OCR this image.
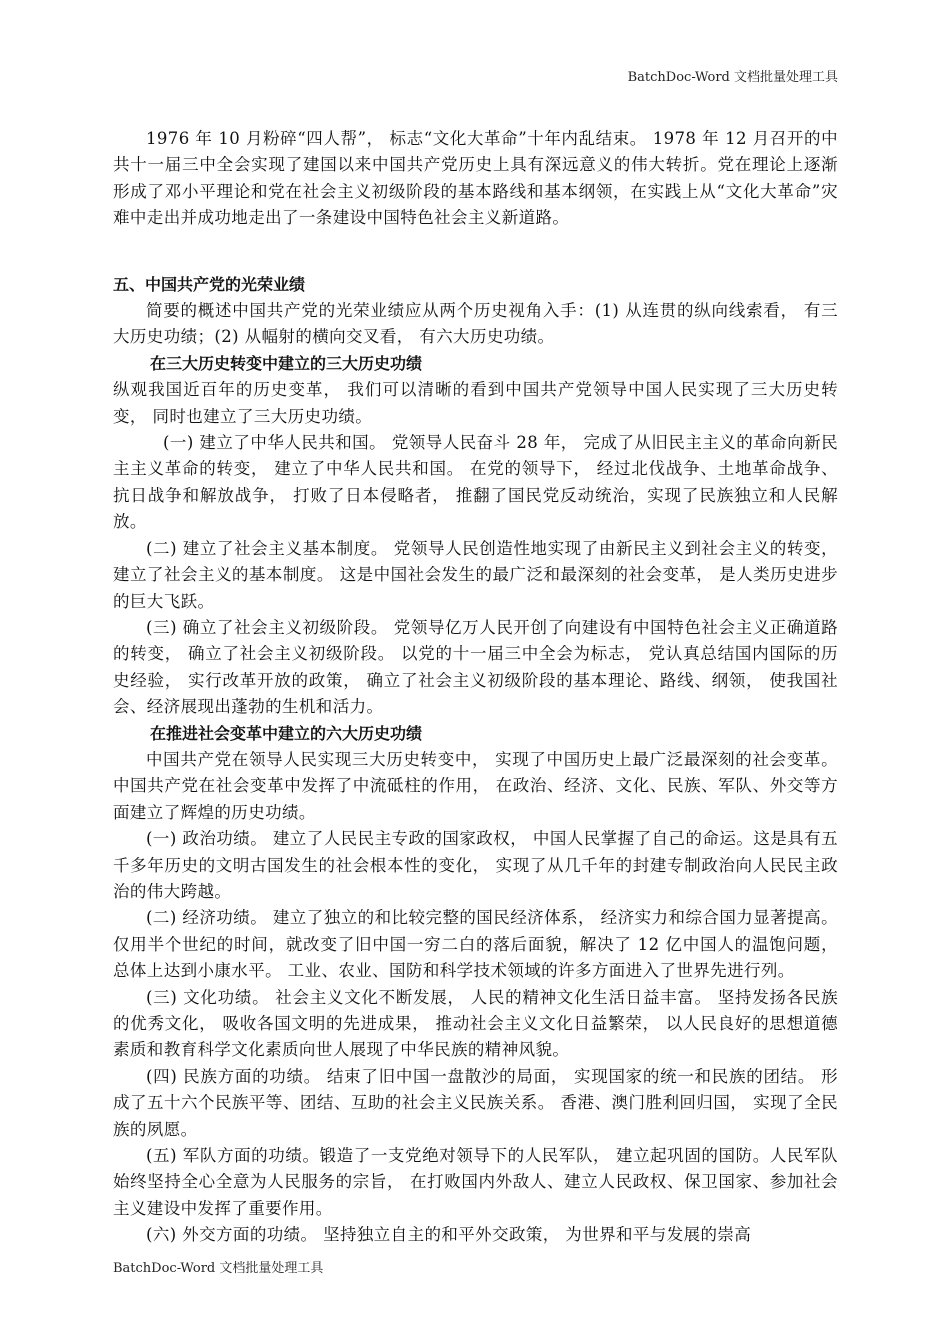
BatchDoc-Word 文档批量处理工具

1976 年 10 月粉碎“四人帮”， 标志“文化大革命”十年内乱结束。 1978 年 12 月召开的中共十一届三中全会实现了建国以来中国共产党历史上具有深远意义的伟大转折。党在理论上逐渐形成了邓小平理论和党在社会主义初级阶段的基本路线和基本纲领，在实践上从“文化大革命”灾难中走出并成功地走出了一条建设中国特色社会主义新道路。

五、中国共产党的光荣业绩

简要的概述中国共产党的光荣业绩应从两个历史视角入手：(1) 从连贯的纵向线索看， 有三大历史功绩；(2) 从幅射的横向交叉看， 有六大历史功绩。

在三大历史转变中建立的三大历史功绩

纵观我国近百年的历史变革， 我们可以清晰的看到中国共产党领导中国人民实现了三大历史转变， 同时也建立了三大历史功绩。

(一) 建立了中华人民共和国。 党领导人民奋斗 28 年， 完成了从旧民主主义的革命向新民主主义革命的转变， 建立了中华人民共和国。 在党的领导下， 经过北伐战争、土地革命战争、抗日战争和解放战争， 打败了日本侵略者， 推翻了国民党反动统治，实现了民族独立和人民解放。

(二) 建立了社会主义基本制度。 党领导人民创造性地实现了由新民主义到社会主义的转变， 建立了社会主义的基本制度。 这是中国社会发生的最广泛和最深刻的社会变革， 是人类历史进步的巨大飞跃。

(三) 确立了社会主义初级阶段。 党领导亿万人民开创了向建设有中国特色社会主义正确道路的转变， 确立了社会主义初级阶段。 以党的十一届三中全会为标志， 党认真总结国内国际的历史经验， 实行改革开放的政策， 确立了社会主义初级阶段的基本理论、路线、纲领， 使我国社会、经济展现出蓬勃的生机和活力。

在推进社会变革中建立的六大历史功绩

中国共产党在领导人民实现三大历史转变中， 实现了中国历史上最广泛最深刻的社会变革。 中国共产党在社会变革中发挥了中流砥柱的作用， 在政治、经济、文化、民族、军队、外交等方面建立了辉煌的历史功绩。

(一) 政治功绩。 建立了人民民主专政的国家政权， 中国人民掌握了自己的命运。这是具有五千多年历史的文明古国发生的社会根本性的变化， 实现了从几千年的封建专制政治向人民民主政治的伟大跨越。

(二) 经济功绩。 建立了独立的和比较完整的国民经济体系， 经济实力和综合国力显著提高。仅用半个世纪的时间，就改变了旧中国一穷二白的落后面貌，解决了 12 亿中国人的温饱问题，总体上达到小康水平。 工业、农业、国防和科学技术领域的许多方面进入了世界先进行列。

(三) 文化功绩。 社会主义文化不断发展， 人民的精神文化生活日益丰富。 坚持发扬各民族的优秀文化， 吸收各国文明的先进成果， 推动社会主义文化日益繁荣， 以人民良好的思想道德素质和教育科学文化素质向世人展现了中华民族的精神风貌。

(四) 民族方面的功绩。 结束了旧中国一盘散沙的局面， 实现国家的统一和民族的团结。 形成了五十六个民族平等、团结、互助的社会主义民族关系。 香港、澳门胜利回归国， 实现了全民族的夙愿。

(五) 军队方面的功绩。锻造了一支党绝对领导下的人民军队， 建立起巩固的国防。人民军队始终坚持全心全意为人民服务的宗旨， 在打败国内外敌人、建立人民政权、保卫国家、参加社会主义建设中发挥了重要作用。

(六) 外交方面的功绩。 坚持独立自主的和平外交政策， 为世界和平与发展的崇高

BatchDoc-Word 文档批量处理工具
